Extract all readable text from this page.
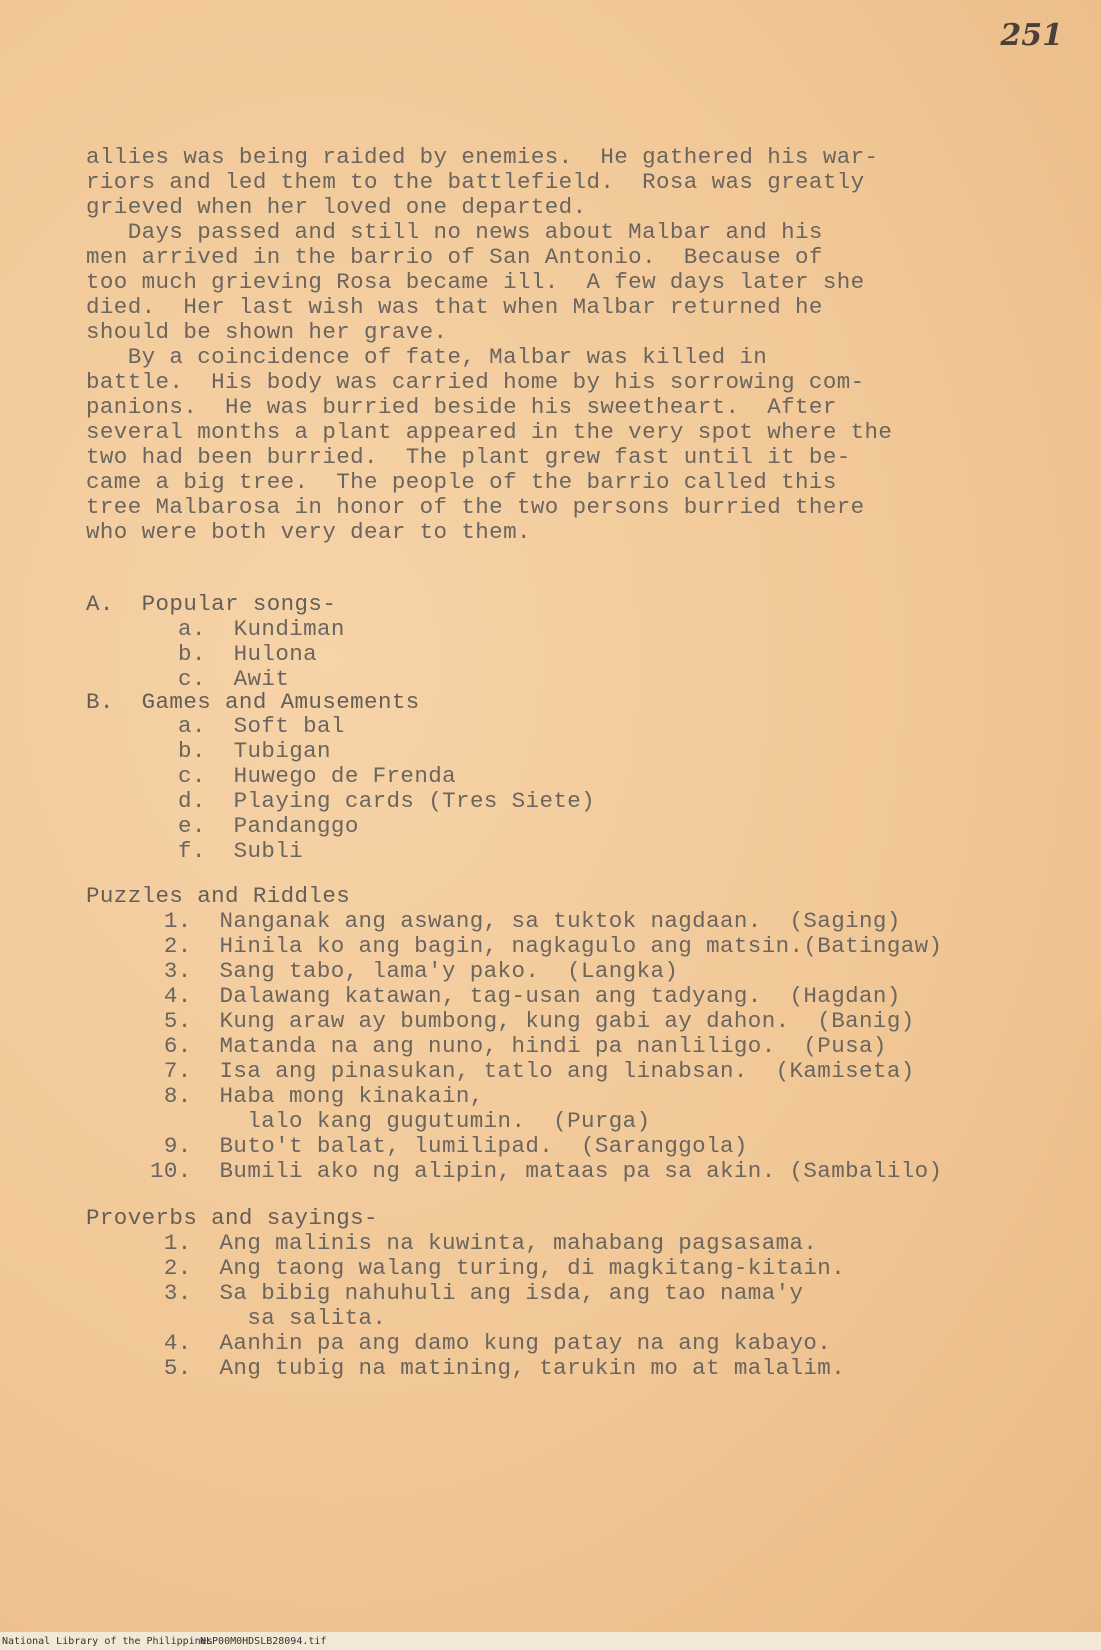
251
allies was being raided by enemies.  He gathered his war-
riors and led them to the battlefield.  Rosa was greatly
grieved when her loved one departed.
Days passed and still no news about Malbar and his
men arrived in the barrio of San Antonio.  Because of
too much grieving Rosa became ill.  A few days later she
died.  Her last wish was that when Malbar returned he
should be shown her grave.
By a coincidence of fate, Malbar was killed in
battle.  His body was carried home by his sorrowing com-
panions.  He was burried beside his sweetheart.  After
several months a plant appeared in the very spot where the
two had been burried.  The plant grew fast until it be-
came a big tree.  The people of the barrio called this
tree Malbarosa in honor of the two persons burried there
who were both very dear to them.
A.  Popular songs-
a.  Kundiman
b.  Hulona
c.  Awit
B.  Games and Amusements
a.  Soft bal
b.  Tubigan
c.  Huwego de Frenda
d.  Playing cards (Tres Siete)
e.  Pandanggo
f.  Subli
Puzzles and Riddles
1.  Nanganak ang aswang, sa tuktok nagdaan.  (Saging)
2.  Hinila ko ang bagin, nagkagulo ang matsin.(Batingaw)
3.  Sang tabo, lama'y pako.  (Langka)
4.  Dalawang katawan, tag-usan ang tadyang.  (Hagdan)
5.  Kung araw ay bumbong, kung gabi ay dahon.  (Banig)
6.  Matanda na ang nuno, hindi pa nanliligo.  (Pusa)
7.  Isa ang pinasukan, tatlo ang linabsan.  (Kamiseta)
8.  Haba mong kinakain,
lalo kang gugutumin.  (Purga)
9.  Buto't balat, lumilipad.  (Saranggola)
10.  Bumili ako ng alipin, mataas pa sa akin. (Sambalilo)
Proverbs and sayings-
1.  Ang malinis na kuwinta, mahabang pagsasama.
2.  Ang taong walang turing, di magkitang-kitain.
3.  Sa bibig nahuhuli ang isda, ang tao nama'y
sa salita.
4.  Aanhin pa ang damo kung patay na ang kabayo.
5.  Ang tubig na matining, tarukin mo at malalim.
National Library of the Philippines
NLP00M0HDSLB28094.tif
